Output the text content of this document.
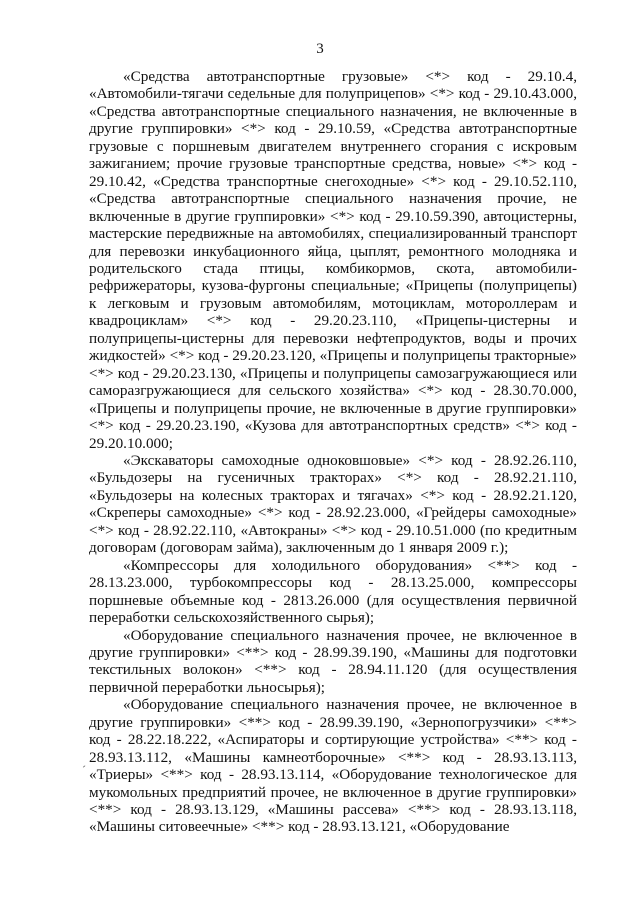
3

«Средства автотранспортные грузовые» <*> код - 29.10.4, «Автомобили-тягачи седельные для полуприцепов» <*> код - 29.10.43.000, «Средства автотранспортные специального назначения, не включенные в другие группировки» <*> код - 29.10.59, «Средства автотранспортные грузовые с поршневым двигателем внутреннего сгорания с искровым зажиганием; прочие грузовые транспортные средства, новые» <*> код - 29.10.42, «Средства транспортные снегоходные» <*> код - 29.10.52.110, «Средства автотранспортные специального назначения прочие, не включенные в другие группировки» <*> код - 29.10.59.390, автоцистерны, мастерские передвижные на автомобилях, специализированный транспорт для перевозки инкубационного яйца, цыплят, ремонтного молодняка и родительского стада птицы, комбикормов, скота, автомобили-рефрижераторы, кузова-фургоны специальные; «Прицепы (полуприцепы) к легковым и грузовым автомобилям, мотоциклам, мотороллерам и квадроциклам» <*> код - 29.20.23.110, «Прицепы-цистерны и полуприцепы-цистерны для перевозки нефтепродуктов, воды и прочих жидкостей» <*> код - 29.20.23.120, «Прицепы и полуприцепы тракторные» <*> код - 29.20.23.130, «Прицепы и полуприцепы самозагружающиеся или саморазгружающиеся для сельского хозяйства» <*> код - 28.30.70.000, «Прицепы и полуприцепы прочие, не включенные в другие группировки» <*> код - 29.20.23.190, «Кузова для автотранспортных средств» <*> код - 29.20.10.000;

«Экскаваторы самоходные одноковшовые» <*> код - 28.92.26.110, «Бульдозеры на гусеничных тракторах» <*> код - 28.92.21.110, «Бульдозеры на колесных тракторах и тягачах» <*> код - 28.92.21.120, «Скреперы самоходные» <*> код - 28.92.23.000, «Грейдеры самоходные» <*> код - 28.92.22.110, «Автокраны» <*> код - 29.10.51.000 (по кредитным договорам (договорам займа), заключенным до 1 января 2009 г.);

«Компрессоры для холодильного оборудования» <**> код - 28.13.23.000, турбокомпрессоры код - 28.13.25.000, компрессоры поршневые объемные код - 2813.26.000 (для осуществления первичной переработки сельскохозяйственного сырья);

«Оборудование специального назначения прочее, не включенное в другие группировки» <**> код - 28.99.39.190, «Машины для подготовки текстильных волокон» <**> код - 28.94.11.120 (для осуществления первичной переработки льносырья);

«Оборудование специального назначения прочее, не включенное в другие группировки» <**> код - 28.99.39.190, «Зернопогрузчики» <**> код - 28.22.18.222, «Аспираторы и сортирующие устройства» <**> код - 28.93.13.112, «Машины камнеотборочные» <**> код - 28.93.13.113, «Триеры» <**> код - 28.93.13.114, «Оборудование технологическое для мукомольных предприятий прочее, не включенное в другие группировки» <**> код - 28.93.13.129, «Машины рассева» <**> код - 28.93.13.118, «Машины ситовеечные» <**> код - 28.93.13.121, «Оборудование

ˊ
